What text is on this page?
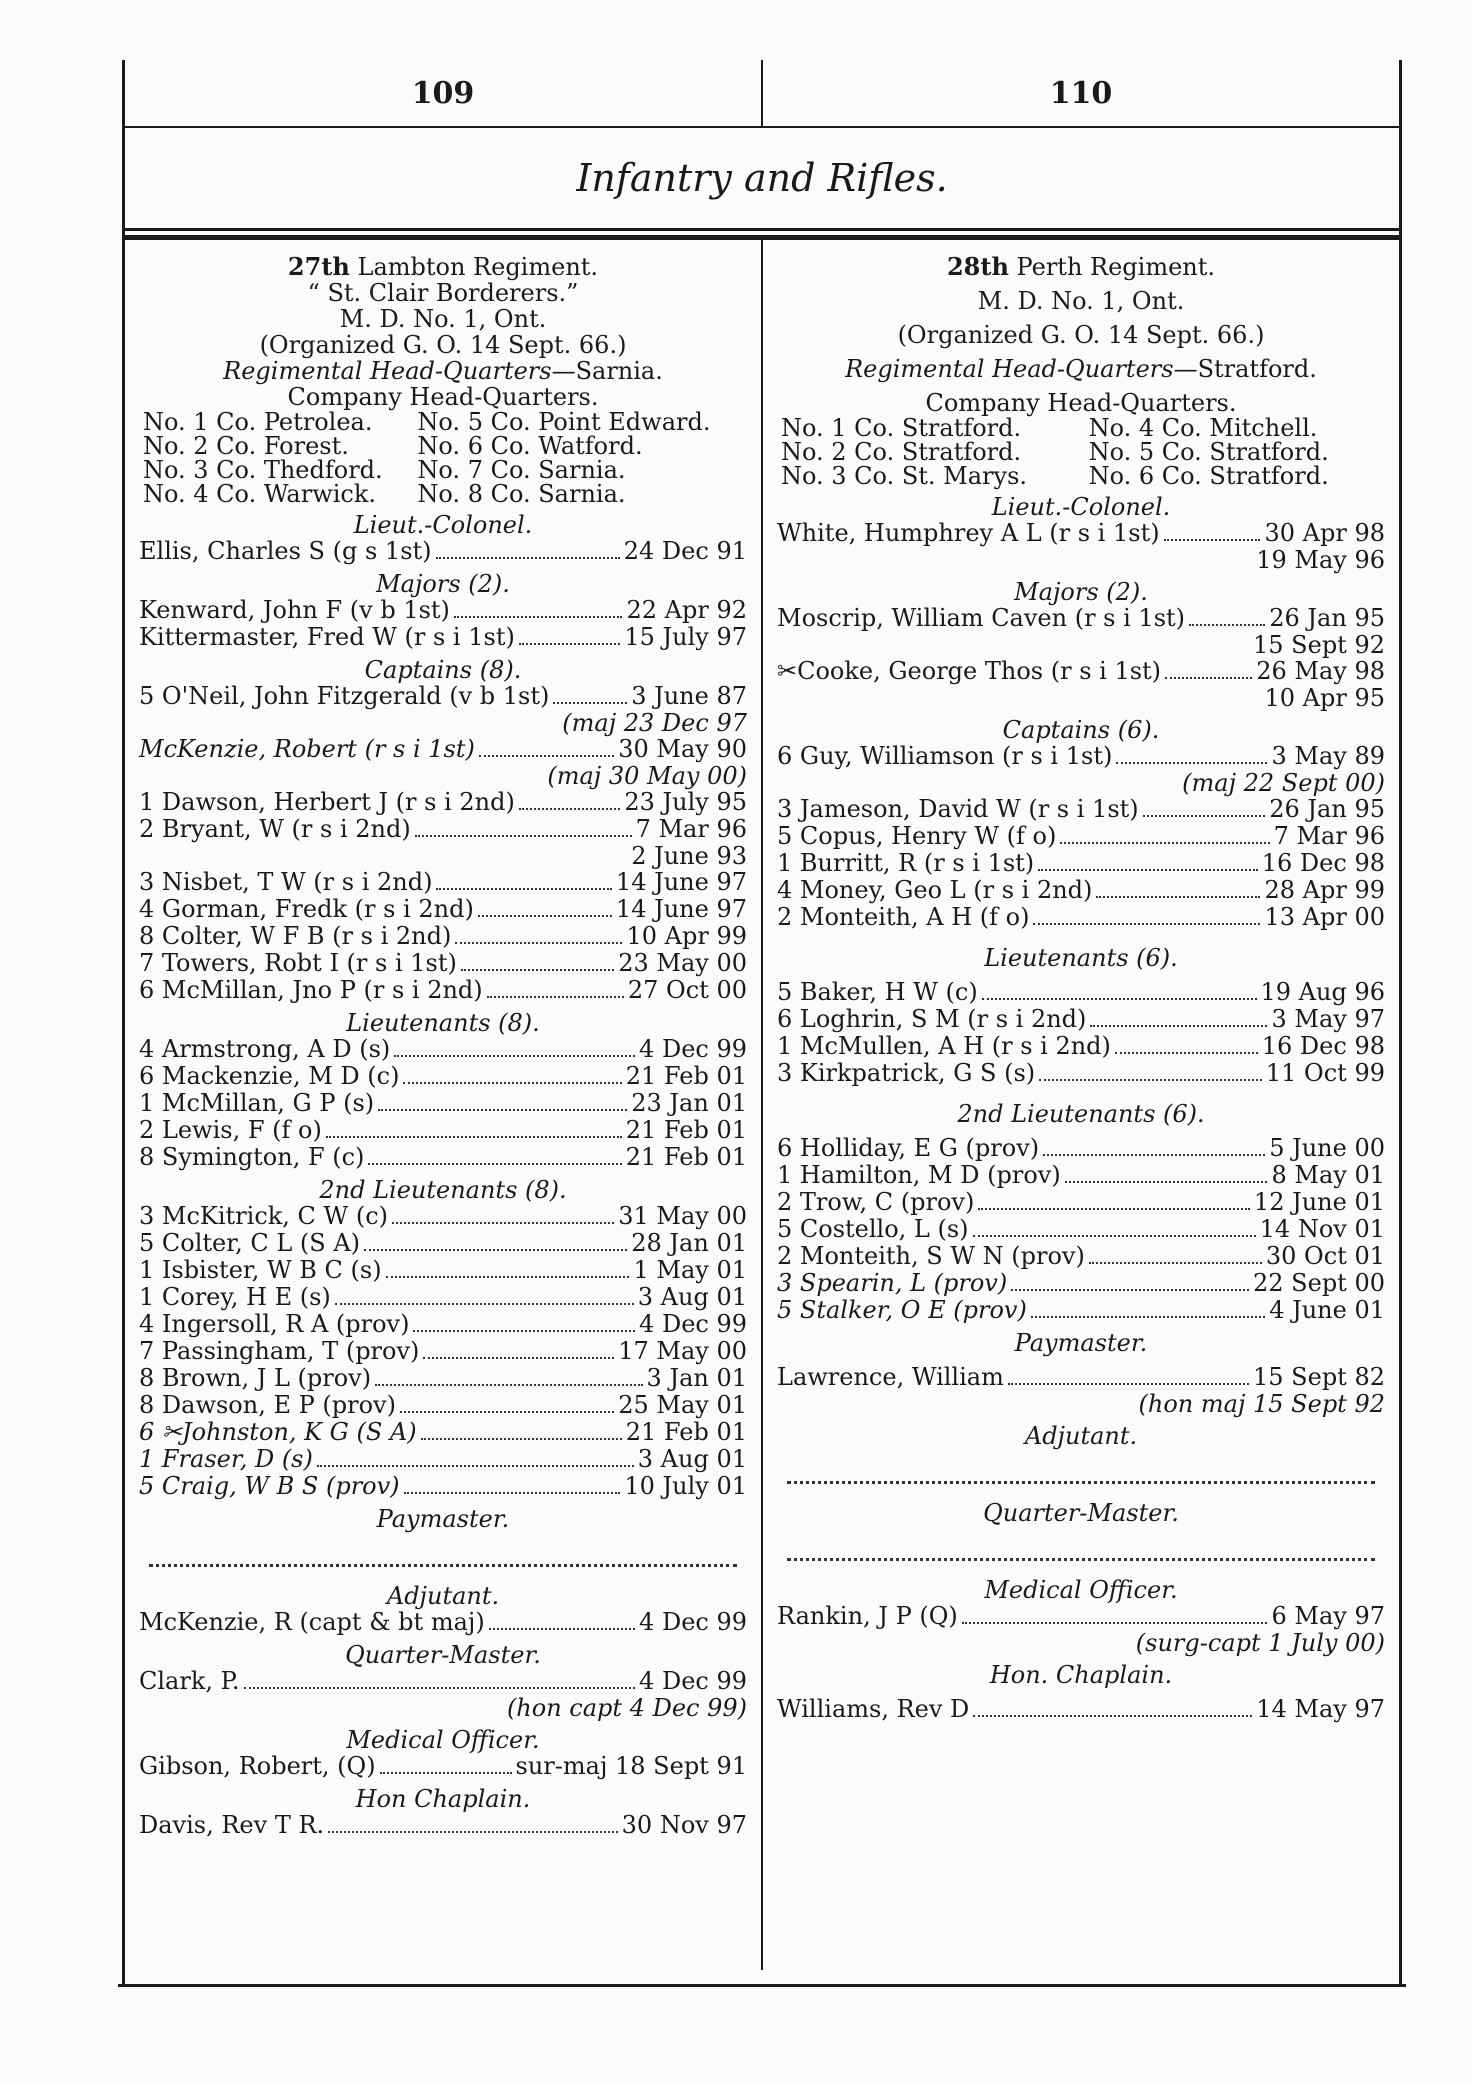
109	110
Infantry and Rifles.
27th Lambton Regiment.
“ St. Clair Borderers.”
M. D. No. 1, Ont.
(Organized G. O. 14 Sept. 66.)
Regimental Head-Quarters—Sarnia.
Company Head-Quarters.
No. 1 Co. Petrolea.	No. 5 Co. Point Edward.
No. 2 Co. Forest.	No. 6 Co. Watford.
No. 3 Co. Thedford.	No. 7 Co. Sarnia.
No. 4 Co. Warwick.	No. 8 Co. Sarnia.
Lieut.-Colonel.
Ellis, Charles S (g s 1st)	24 Dec 91
Majors (2).
Kenward, John F (v b 1st)	22 Apr 92
Kittermaster, Fred W (r s i 1st)	15 July 97
Captains (8).
5 O'Neil, John Fitzgerald (v b 1st)	3 June 87
(maj 23 Dec 97
McKenzie, Robert (r s i 1st)	30 May 90
(maj 30 May 00)
1 Dawson, Herbert J (r s i 2nd)	23 July 95
2 Bryant, W (r s i 2nd)	7 Mar 96
2 June 93
3 Nisbet, T W (r s i 2nd)	14 June 97
4 Gorman, Fredk (r s i 2nd)	14 June 97
8 Colter, W F B (r s i 2nd)	10 Apr 99
7 Towers, Robt I (r s i 1st)	23 May 00
6 McMillan, Jno P (r s i 2nd)	27 Oct 00
Lieutenants (8).
4 Armstrong, A D (s)	4 Dec 99
6 Mackenzie, M D (c)	21 Feb 01
1 McMillan, G P (s)	23 Jan 01
2 Lewis, F (f o)	21 Feb 01
8 Symington, F (c)	21 Feb 01
2nd Lieutenants (8).
3 McKitrick, C W (c)	31 May 00
5 Colter, C L (S A)	28 Jan 01
1 Isbister, W B C (s)	1 May 01
1 Corey, H E (s)	3 Aug 01
4 Ingersoll, R A (prov)	4 Dec 99
7 Passingham, T (prov)	17 May 00
8 Brown, J L (prov)	3 Jan 01
8 Dawson, E P (prov)	25 May 01
6 ✂Johnston, K G (S A)	21 Feb 01
1 Fraser, D (s)	3 Aug 01
5 Craig, W B S (prov)	10 July 01
Paymaster.
Adjutant.
McKenzie, R (capt & bt maj)	4 Dec 99
Quarter-Master.
Clark, P.	4 Dec 99
(hon capt 4 Dec 99)
Medical Officer.
Gibson, Robert, (Q)	sur-maj 18 Sept 91
Hon Chaplain.
Davis, Rev T R.	30 Nov 97
28th Perth Regiment.
M. D. No. 1, Ont.
(Organized G. O. 14 Sept. 66.)
Regimental Head-Quarters—Stratford.
Company Head-Quarters.
No. 1 Co. Stratford.	No. 4 Co. Mitchell.
No. 2 Co. Stratford.	No. 5 Co. Stratford.
No. 3 Co. St. Marys.	No. 6 Co. Stratford.
Lieut.-Colonel.
White, Humphrey A L (r s i 1st)	30 Apr 98
19 May 96
Majors (2).
Moscrip, William Caven (r s i 1st)	26 Jan 95
15 Sept 92
✂Cooke, George Thos (r s i 1st)	26 May 98
10 Apr 95
Captains (6).
6 Guy, Williamson (r s i 1st)	3 May 89
(maj 22 Sept 00)
3 Jameson, David W (r s i 1st)	26 Jan 95
5 Copus, Henry W (f o)	7 Mar 96
1 Burritt, R (r s i 1st)	16 Dec 98
4 Money, Geo L (r s i 2nd)	28 Apr 99
2 Monteith, A H (f o)	13 Apr 00
Lieutenants (6).
5 Baker, H W (c)	19 Aug 96
6 Loghrin, S M (r s i 2nd)	3 May 97
1 McMullen, A H (r s i 2nd)	16 Dec 98
3 Kirkpatrick, G S (s)	11 Oct 99
2nd Lieutenants (6).
6 Holliday, E G (prov)	5 June 00
1 Hamilton, M D (prov)	8 May 01
2 Trow, C (prov)	12 June 01
5 Costello, L (s)	14 Nov 01
2 Monteith, S W N (prov)	30 Oct 01
3 Spearin, L (prov)	22 Sept 00
5 Stalker, O E (prov)	4 June 01
Paymaster.
Lawrence, William	15 Sept 82
(hon maj 15 Sept 92
Adjutant.
Quarter-Master.
Medical Officer.
Rankin, J P (Q)	6 May 97
(surg-capt 1 July 00)
Hon. Chaplain.
Williams, Rev D	14 May 97
